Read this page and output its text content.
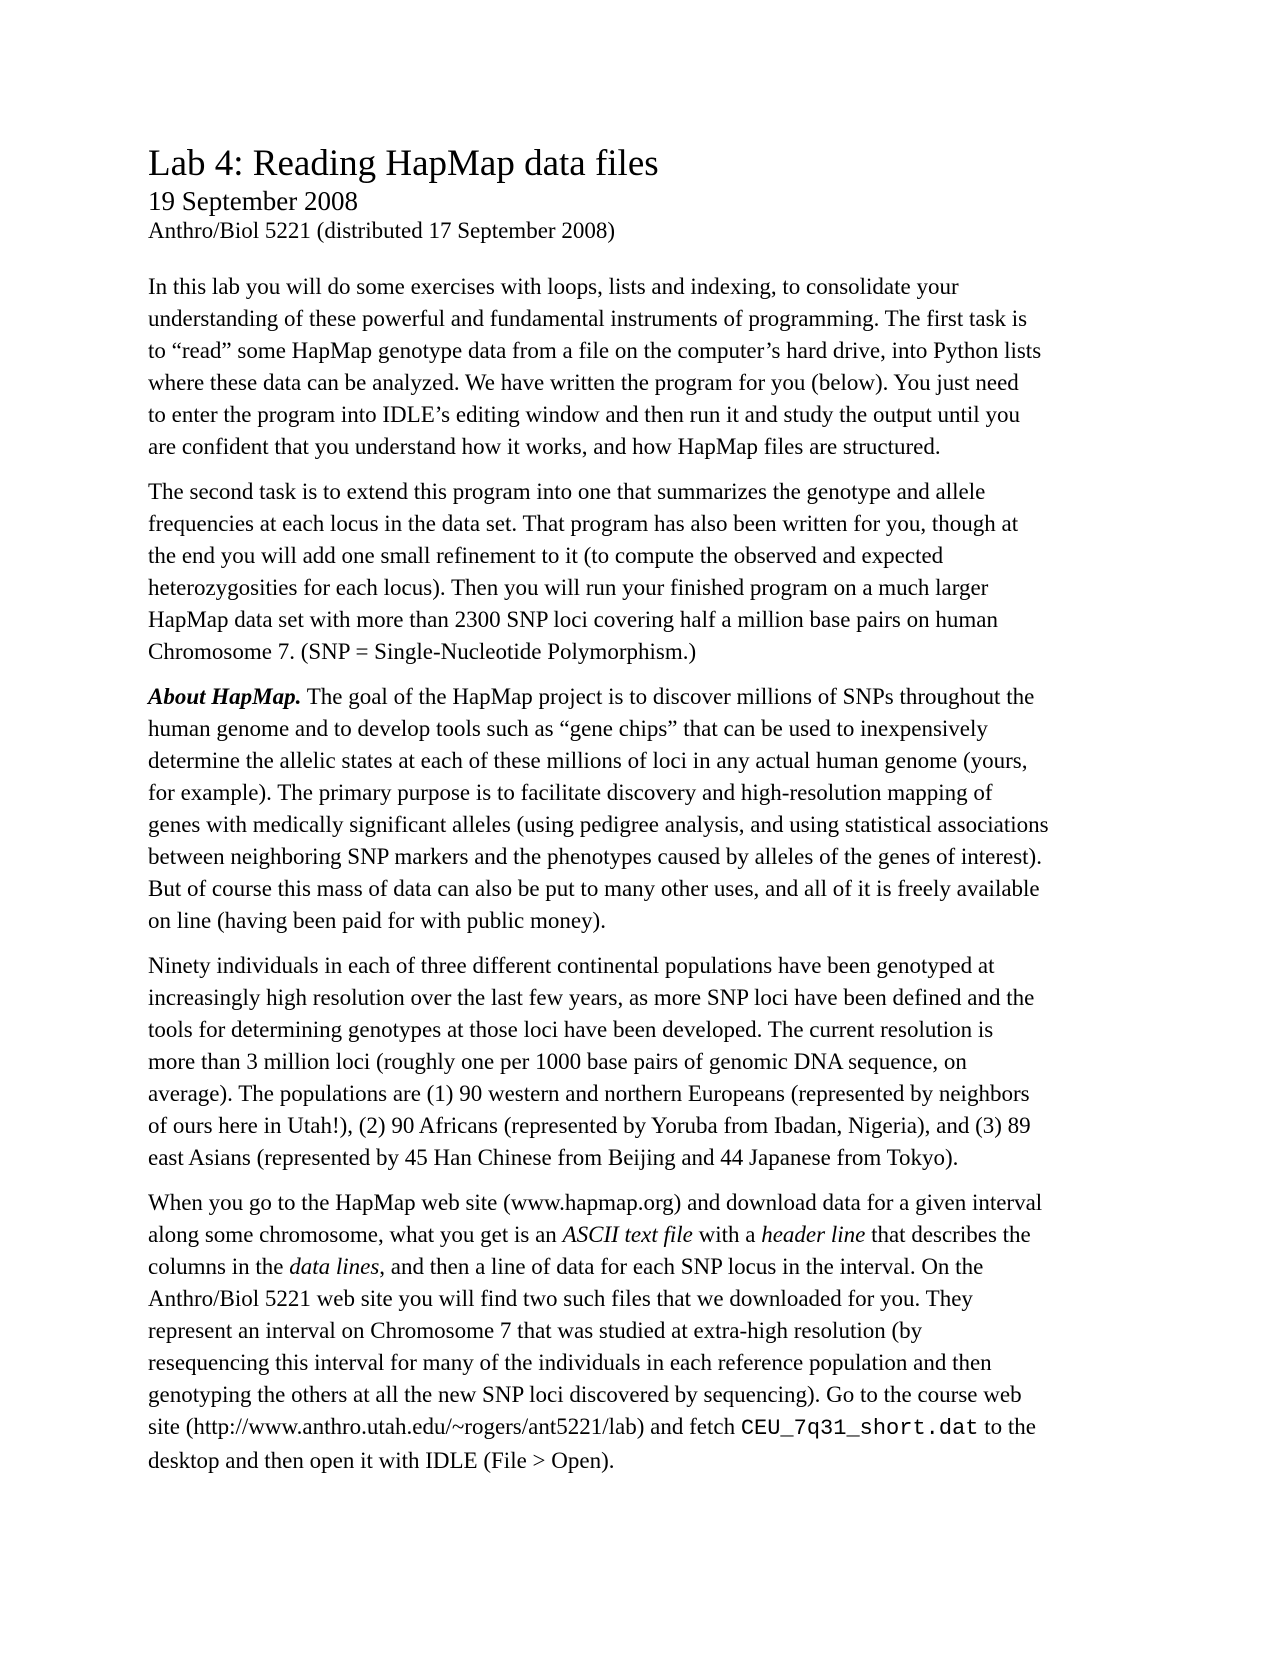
Lab 4: Reading HapMap data files
19 September 2008
Anthro/Biol 5221 (distributed 17 September 2008)

In this lab you will do some exercises with loops, lists and indexing, to consolidate your
understanding of these powerful and fundamental instruments of programming. The first task is
to “read” some HapMap genotype data from a file on the computer’s hard drive, into Python lists
where these data can be analyzed. We have written the program for you (below). You just need
to enter the program into IDLE’s editing window and then run it and study the output until you
are confident that you understand how it works, and how HapMap files are structured.

The second task is to extend this program into one that summarizes the genotype and allele
frequencies at each locus in the data set. That program has also been written for you, though at
the end you will add one small refinement to it (to compute the observed and expected
heterozygosities for each locus). Then you will run your finished program on a much larger
HapMap data set with more than 2300 SNP loci covering half a million base pairs on human
Chromosome 7. (SNP = Single-Nucleotide Polymorphism.)

About HapMap. The goal of the HapMap project is to discover millions of SNPs throughout the
human genome and to develop tools such as “gene chips” that can be used to inexpensively
determine the allelic states at each of these millions of loci in any actual human genome (yours,
for example). The primary purpose is to facilitate discovery and high-resolution mapping of
genes with medically significant alleles (using pedigree analysis, and using statistical associations
between neighboring SNP markers and the phenotypes caused by alleles of the genes of interest).
But of course this mass of data can also be put to many other uses, and all of it is freely available
on line (having been paid for with public money).

Ninety individuals in each of three different continental populations have been genotyped at
increasingly high resolution over the last few years, as more SNP loci have been defined and the
tools for determining genotypes at those loci have been developed. The current resolution is
more than 3 million loci (roughly one per 1000 base pairs of genomic DNA sequence, on
average). The populations are (1) 90 western and northern Europeans (represented by neighbors
of ours here in Utah!), (2) 90 Africans (represented by Yoruba from Ibadan, Nigeria), and (3) 89
east Asians (represented by 45 Han Chinese from Beijing and 44 Japanese from Tokyo).

When you go to the HapMap web site (www.hapmap.org) and download data for a given interval
along some chromosome, what you get is an ASCII text file with a header line that describes the
columns in the data lines, and then a line of data for each SNP locus in the interval. On the
Anthro/Biol 5221 web site you will find two such files that we downloaded for you. They
represent an interval on Chromosome 7 that was studied at extra-high resolution (by
resequencing this interval for many of the individuals in each reference population and then
genotyping the others at all the new SNP loci discovered by sequencing). Go to the course web
site (http://www.anthro.utah.edu/~rogers/ant5221/lab) and fetch CEU_7q31_short.dat to the
desktop and then open it with IDLE (File > Open).
